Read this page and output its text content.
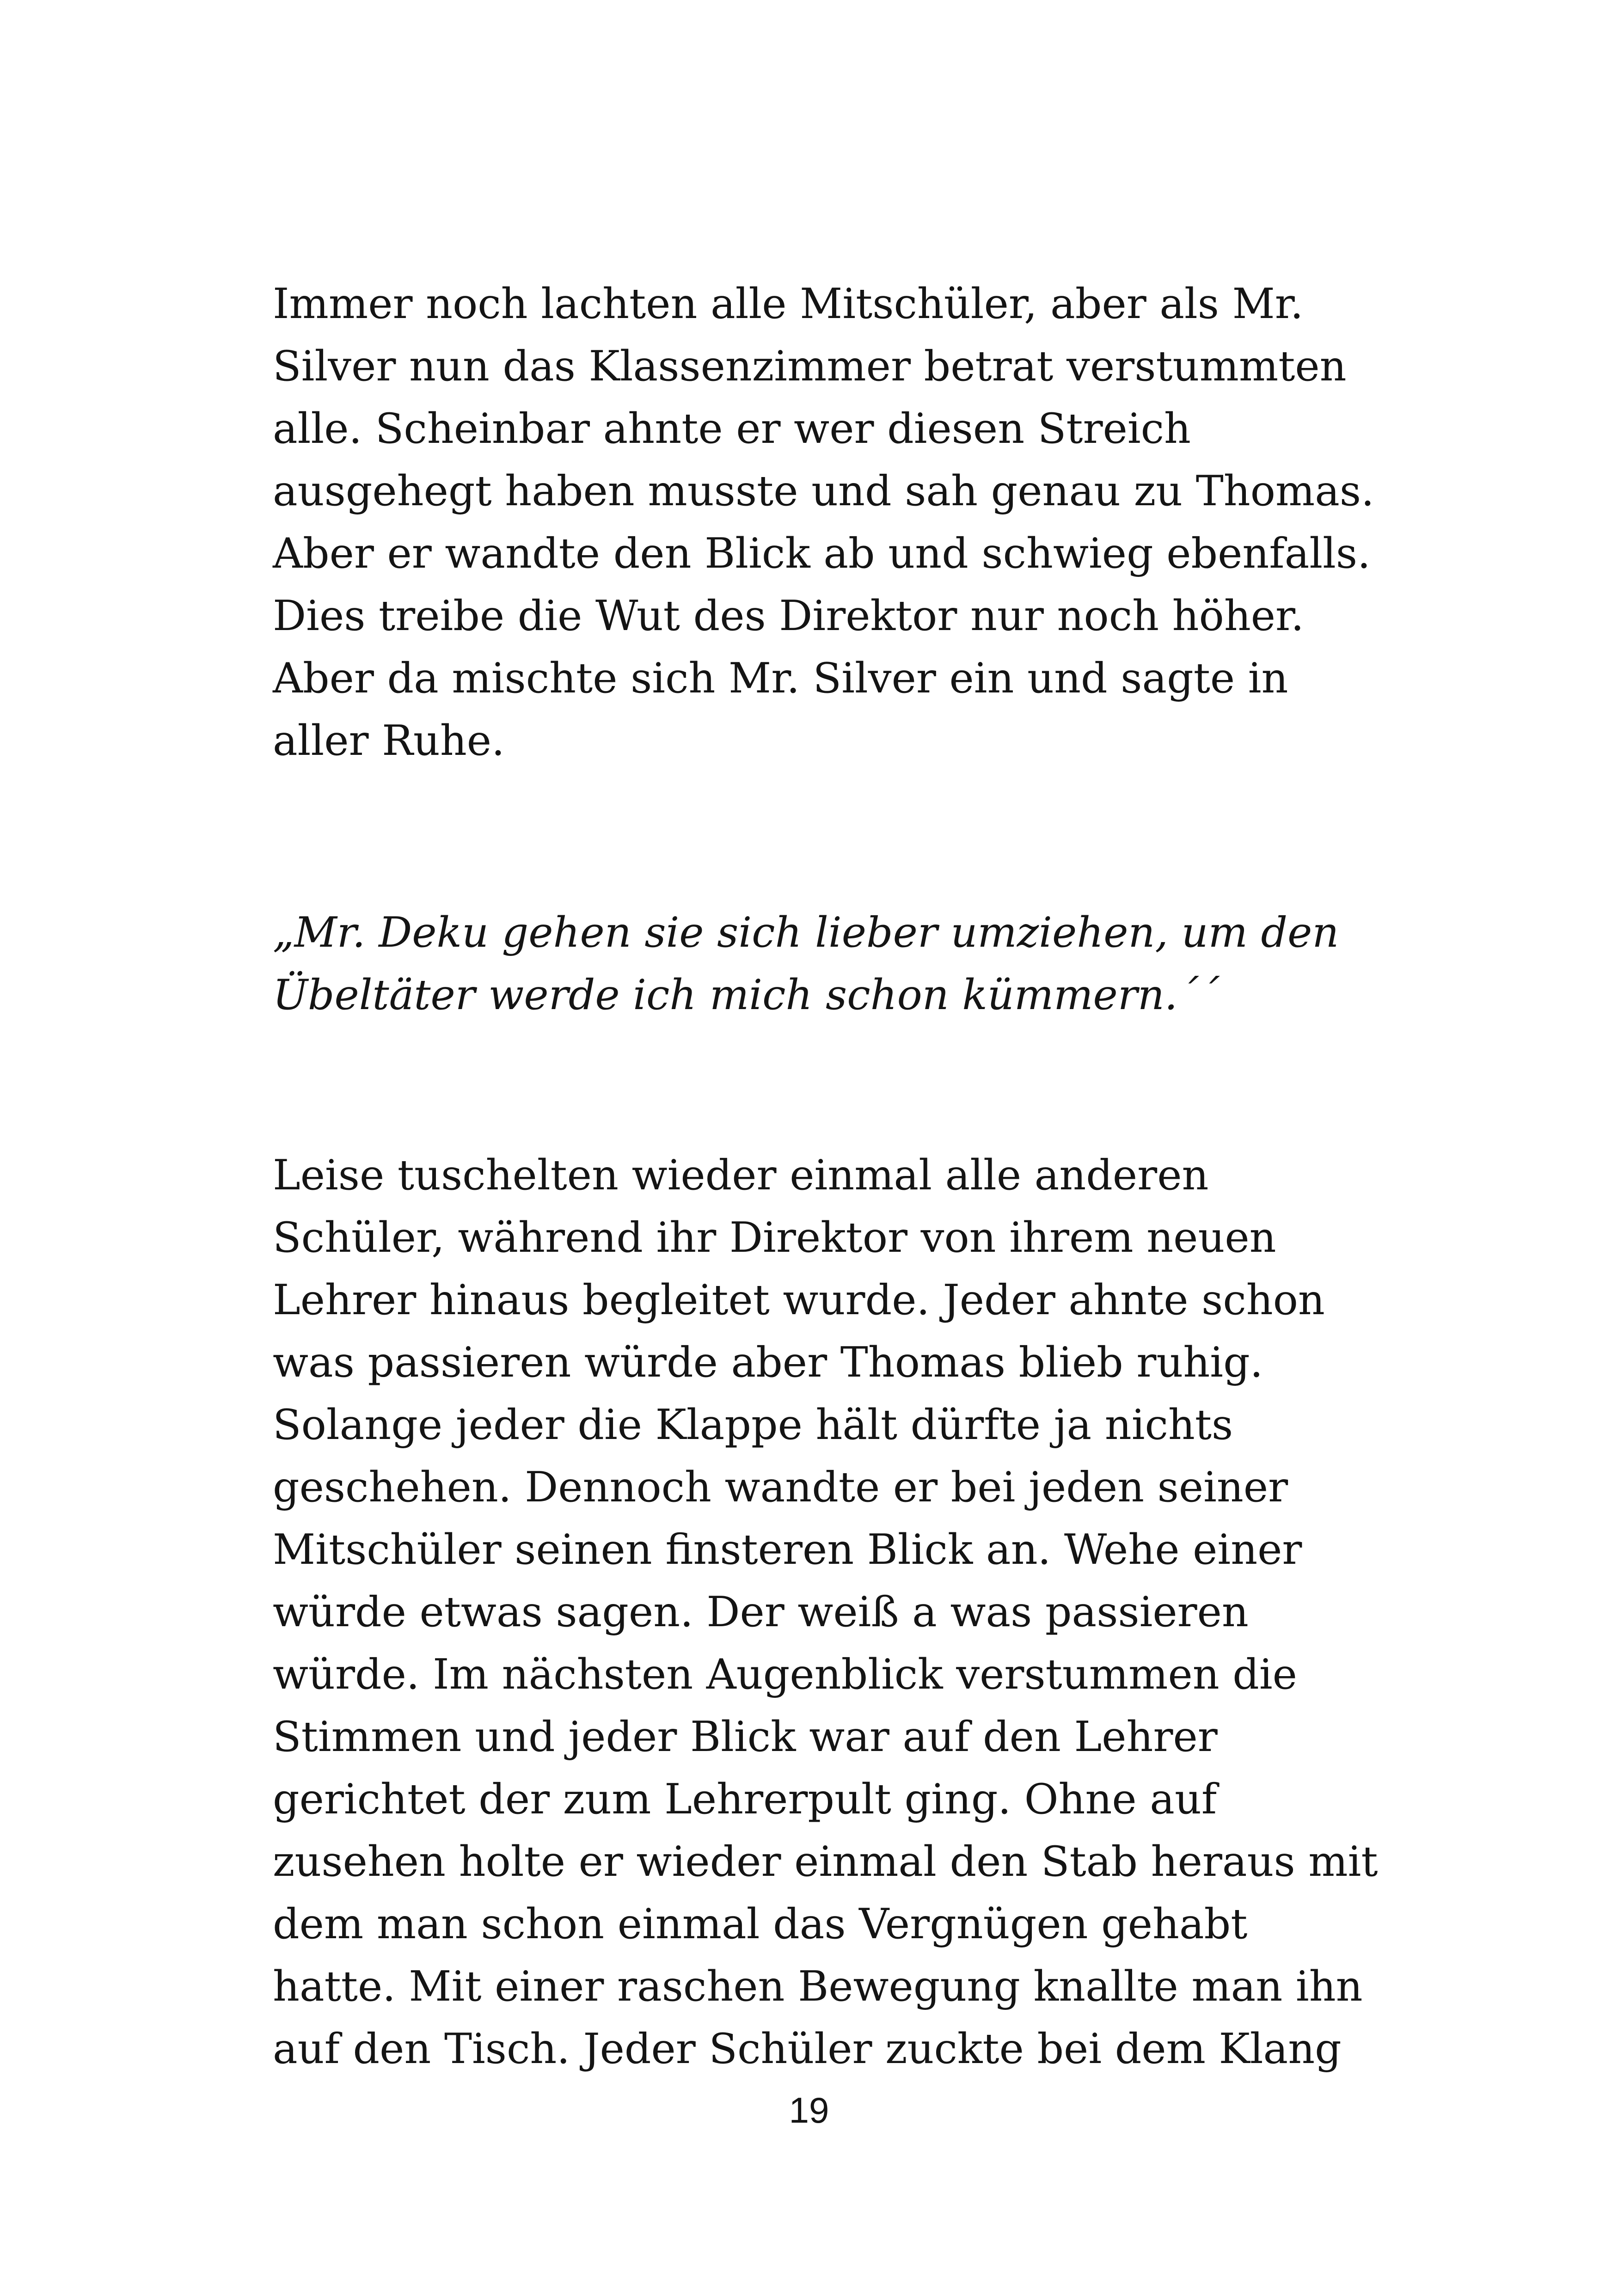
Immer noch lachten alle Mitschüler, aber als Mr.

Silver nun das Klassenzimmer betrat verstummten

alle. Scheinbar ahnte er wer diesen Streich

ausgehegt haben musste und sah genau zu Thomas.

Aber er wandte den Blick ab und schwieg ebenfalls.

Dies treibe die Wut des Direktor nur noch höher.

Aber da mischte sich Mr. Silver ein und sagte in

aller Ruhe.

„Mr. Deku gehen sie sich lieber umziehen, um den

Übeltäter werde ich mich schon kümmern.´´

Leise tuschelten wieder einmal alle anderen

Schüler, während ihr Direktor von ihrem neuen

Lehrer hinaus begleitet wurde. Jeder ahnte schon

was passieren würde aber Thomas blieb ruhig.

Solange jeder die Klappe hält dürfte ja nichts

geschehen. Dennoch wandte er bei jeden seiner

Mitschüler seinen finsteren Blick an. Wehe einer

würde etwas sagen. Der weiß a was passieren

würde. Im nächsten Augenblick verstummen die

Stimmen und jeder Blick war auf den Lehrer

gerichtet der zum Lehrerpult ging. Ohne auf

zusehen holte er wieder einmal den Stab heraus mit

dem man schon einmal das Vergnügen gehabt

hatte. Mit einer raschen Bewegung knallte man ihn

auf den Tisch. Jeder Schüler zuckte bei dem Klang

19
